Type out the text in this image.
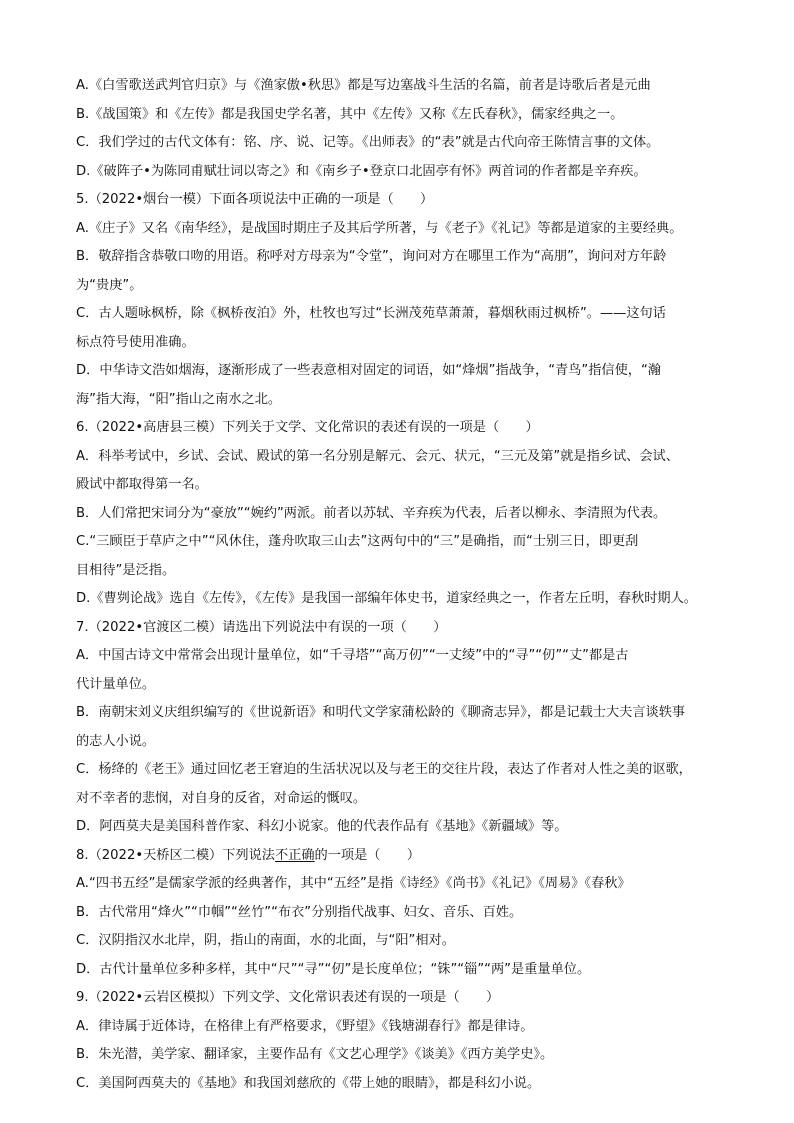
A.《白雪歌送武判官归京》与《渔家傲•秋思》都是写边塞战斗生活的名篇，前者是诗歌后者是元曲

B.《战国策》和《左传》都是我国史学名著，其中《左传》又称《左氏春秋》，儒家经典之一。

C．我们学过的古代文体有：铭、序、说、记等。《出师表》的“表”就是古代向帝王陈情言事的文体。

D.《破阵子•为陈同甫赋壮词以寄之》和《南乡子•登京口北固亭有怀》两首词的作者都是辛弃疾。

5.（2022•烟台一模）下面各项说法中正确的一项是（　　）

A.《庄子》又名《南华经》，是战国时期庄子及其后学所著，与《老子》《礼记》等都是道家的主要经典。

B．敬辞指含恭敬口吻的用语。称呼对方母亲为“令堂”，询问对方在哪里工作为“高朋”，询问对方年龄

为“贵庚”。

C．古人题咏枫桥，除《枫桥夜泊》外，杜牧也写过“长洲茂苑草萧萧，暮烟秋雨过枫桥”。——这句话

标点符号使用准确。

D．中华诗文浩如烟海，逐渐形成了一些表意相对固定的词语，如“烽烟”指战争，“青鸟”指信使，“瀚

海”指大海，“阳”指山之南水之北。

6.（2022•高唐县三模）下列关于文学、文化常识的表述有误的一项是（　　）

A．科举考试中，乡试、会试、殿试的第一名分别是解元、会元、状元，“三元及第”就是指乡试、会试、

殿试中都取得第一名。

B．人们常把宋词分为“豪放”“婉约”两派。前者以苏轼、辛弃疾为代表，后者以柳永、李清照为代表。

C.“三顾臣于草庐之中”“风休住，蓬舟吹取三山去”这两句中的“三”是确指，而“士别三日，即更刮

目相待”是泛指。

D.《曹刿论战》选自《左传》，《左传》是我国一部编年体史书，道家经典之一，作者左丘明，春秋时期人。

7.（2022•官渡区二模）请选出下列说法中有误的一项（　　）

A．中国古诗文中常常会出现计量单位，如“千寻塔”“高万仞”“一丈绫”中的“寻”“仞”“丈”都是古

代计量单位。

B．南朝宋刘义庆组织编写的《世说新语》和明代文学家蒲松龄的《聊斋志异》，都是记载士大夫言谈轶事

的志人小说。

C．杨绛的《老王》通过回忆老王窘迫的生活状况以及与老王的交往片段，表达了作者对人性之美的讴歌，

对不幸者的悲悯，对自身的反省，对命运的慨叹。

D．阿西莫夫是美国科普作家、科幻小说家。他的代表作品有《基地》《新疆域》等。

8.（2022•天桥区二模）下列说法不正确的一项是（　　）

A.“四书五经”是儒家学派的经典著作，其中“五经”是指《诗经》《尚书》《礼记》《周易》《春秋》

B．古代常用“烽火”“巾帼”“丝竹”“布衣”分别指代战事、妇女、音乐、百姓。

C．汉阴指汉水北岸，阴，指山的南面，水的北面，与“阳”相对。

D．古代计量单位多种多样，其中“尺”“寻”“仞”是长度单位；“铢”“锱”“两”是重量单位。

9.（2022•云岩区模拟）下列文学、文化常识表述有误的一项是（　　）

A．律诗属于近体诗，在格律上有严格要求，《野望》《钱塘湖春行》都是律诗。

B．朱光潜，美学家、翻译家，主要作品有《文艺心理学》《谈美》《西方美学史》。

C．美国阿西莫夫的《基地》和我国刘慈欣的《带上她的眼睛》，都是科幻小说。
